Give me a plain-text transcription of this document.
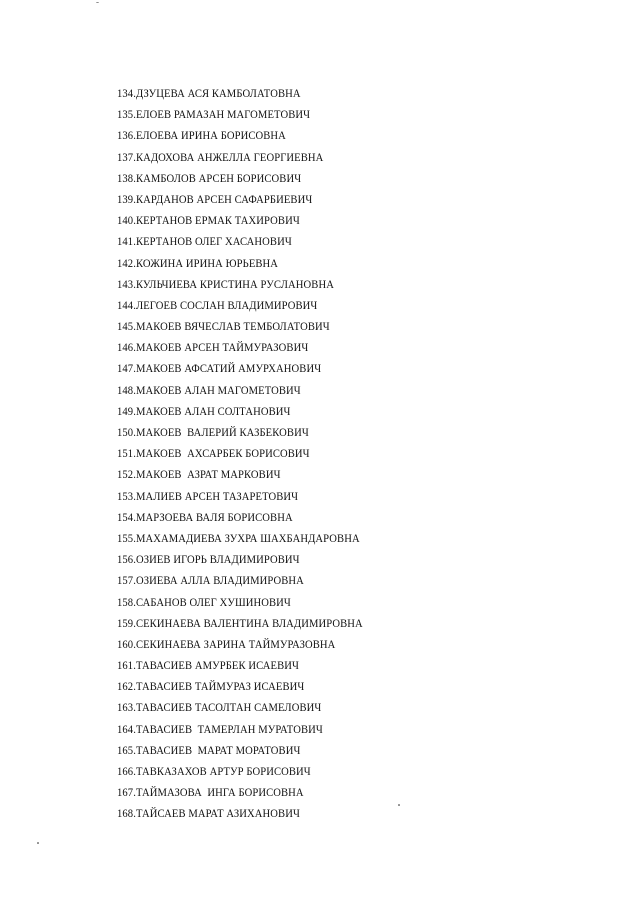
134.ДЗУЦЕВА АСЯ КАМБОЛАТОВНА
135.ЕЛОЕВ РАМАЗАН МАГОМЕТОВИЧ
136.ЕЛОЕВА ИРИНА БОРИСОВНА
137.КАДОХОВА АНЖЕЛЛА ГЕОРГИЕВНА
138.КАМБОЛОВ АРСЕН БОРИСОВИЧ
139.КАРДАНОВ АРСЕН САФАРБИЕВИЧ
140.КЕРТАНОВ ЕРМАК ТАХИРОВИЧ
141.КЕРТАНОВ ОЛЕГ ХАСАНОВИЧ
142.КОЖИНА ИРИНА ЮРЬЕВНА
143.КУЛЬЧИЕВА КРИСТИНА РУСЛАНОВНА
144.ЛЕГОЕВ СОСЛАН ВЛАДИМИРОВИЧ
145.МАКОЕВ ВЯЧЕСЛАВ ТЕМБОЛАТОВИЧ
146.МАКОЕВ АРСЕН ТАЙМУРАЗОВИЧ
147.МАКОЕВ АФСАТИЙ АМУРХАНОВИЧ
148.МАКОЕВ АЛАН МАГОМЕТОВИЧ
149.МАКОЕВ АЛАН СОЛТАНОВИЧ
150.МАКОЕВ  ВАЛЕРИЙ КАЗБЕКОВИЧ
151.МАКОЕВ  АХСАРБЕК БОРИСОВИЧ
152.МАКОЕВ  АЗРАТ МАРКОВИЧ
153.МАЛИЕВ АРСЕН ТАЗАРЕТОВИЧ
154.МАРЗОЕВА ВАЛЯ БОРИСОВНА
155.МАХАМАДИЕВА ЗУХРА ШАХБАНДАРОВНА
156.ОЗИЕВ ИГОРЬ ВЛАДИМИРОВИЧ
157.ОЗИЕВА АЛЛА ВЛАДИМИРОВНА
158.САБАНОВ ОЛЕГ ХУШИНОВИЧ
159.СЕКИНАЕВА ВАЛЕНТИНА ВЛАДИМИРОВНА
160.СЕКИНАЕВА ЗАРИНА ТАЙМУРАЗОВНА
161.ТАВАСИЕВ АМУРБЕК ИСАЕВИЧ
162.ТАВАСИЕВ ТАЙМУРАЗ ИСАЕВИЧ
163.ТАВАСИЕВ ТАСОЛТАН САМЕЛОВИЧ
164.ТАВАСИЕВ  ТАМЕРЛАН МУРАТОВИЧ
165.ТАВАСИЕВ  МАРАТ МОРАТОВИЧ
166.ТАВКАЗАХОВ АРТУР БОРИСОВИЧ
167.ТАЙМАЗОВА  ИНГА БОРИСОВНА
168.ТАЙСАЕВ МАРАТ АЗИХАНОВИЧ
